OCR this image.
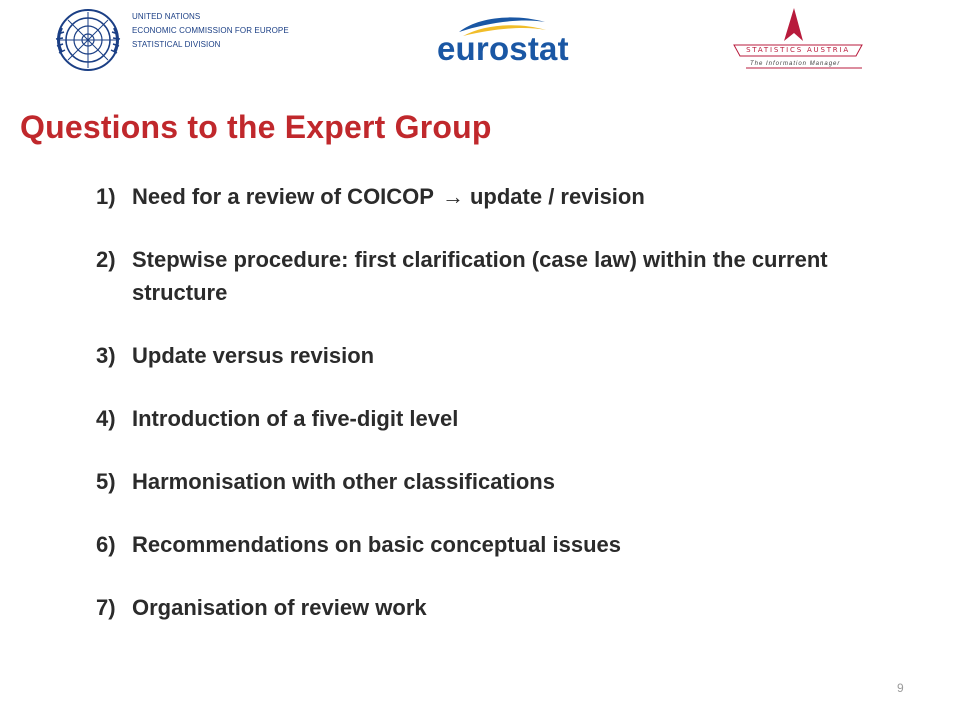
UNITED NATIONS
ECONOMIC COMMISSION FOR EUROPE
STATISTICAL DIVISION	eurostat	STATISTICS AUSTRIA
The Information Manager
Questions to the Expert Group
1) Need for a review of COICOP → update / revision
2) Stepwise procedure: first clarification (case law) within the current structure
3) Update versus revision
4) Introduction of a five-digit level
5) Harmonisation with other classifications
6) Recommendations on basic conceptual issues
7) Organisation of review work
9
